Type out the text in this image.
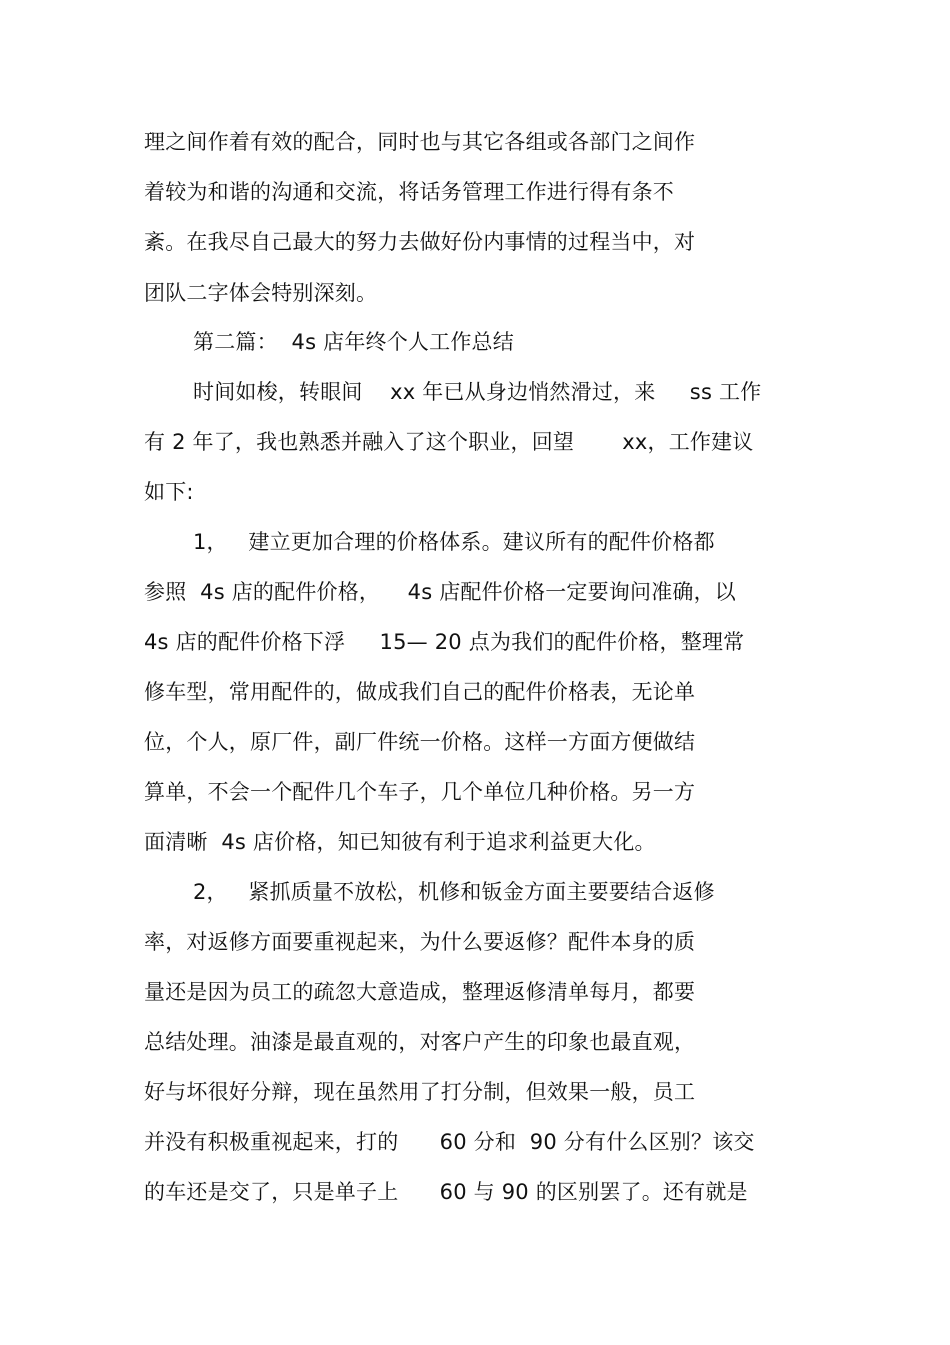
理之间作着有效的配合，同时也与其它各组或各部门之间作
着较为和谐的沟通和交流，将话务管理工作进行得有条不
紊。在我尽自己最大的努力去做好份内事情的过程当中，对
团队二字体会特别深刻。
第二篇：  4s 店年终个人工作总结
时间如梭，转眼间    xx 年已从身边悄然滑过，来     ss 工作
有 2 年了，我也熟悉并融入了这个职业，回望       xx，工作建议
如下:
1，   建立更加合理的价格体系。建议所有的配件价格都
参照  4s 店的配件价格，    4s 店配件价格一定要询问准确，以
4s 店的配件价格下浮     15— 20 点为我们的配件价格，整理常
修车型，常用配件的，做成我们自己的配件价格表，无论单
位，个人，原厂件，副厂件统一价格。这样一方面方便做结
算单，不会一个配件几个车子，几个单位几种价格。另一方
面清晰  4s 店价格，知已知彼有利于追求利益更大化。
2，   紧抓质量不放松，机修和钣金方面主要要结合返修
率，对返修方面要重视起来，为什么要返修？配件本身的质
量还是因为员工的疏忽大意造成，整理返修清单每月，都要
总结处理。油漆是最直观的，对客户产生的印象也最直观，
好与坏很好分辩，现在虽然用了打分制，但效果一般，员工
并没有积极重视起来，打的      60 分和  90 分有什么区别？该交
的车还是交了，只是单子上      60 与 90 的区别罢了。还有就是
